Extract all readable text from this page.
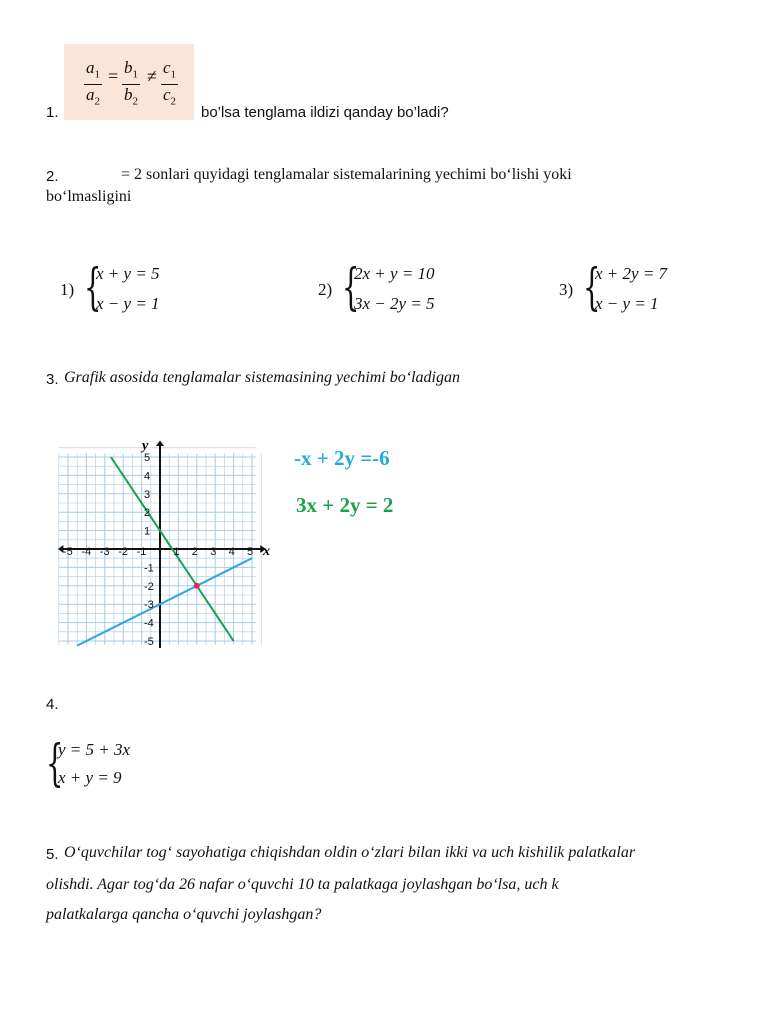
$\frac{a_1}{a_2} = \frac{b_1}{b_2} \ne \frac{c_1}{c_2}$
1.	bo’lsa tenglama ildizi qanday bo’ladi?
2.	= 2 sonlari quyidagi tenglamalar sistemalarining yechimi bo‘lishi yoki
bo‘lmasligini
1) {
x + y = 5
x − y = 1
2) {
2x + y = 10
3x − 2y = 5
3) {
x + 2y = 7
x − y = 1
3. Grafik asosida tenglamalar sistemasining yechimi bo‘ladigan
-5 -4 -3 -2 -1 1 2 3 4 5
5
4
3
2
1
-1
-2
-3
-4
-5
x
y	-x + 2y =-6
3x + 2y = 2
4.
{
y = 5 + 3x
x + y = 9
5. O‘quvchilar tog‘ sayohatiga chiqishdan oldin o‘zlari bilan ikki va uch kishilik palatkalar
olishdi. Agar tog‘da 26 nafar o‘quvchi 10 ta palatkaga joylashgan bo‘lsa, uch k
palatkalarga qancha o‘quvchi joylashgan?
